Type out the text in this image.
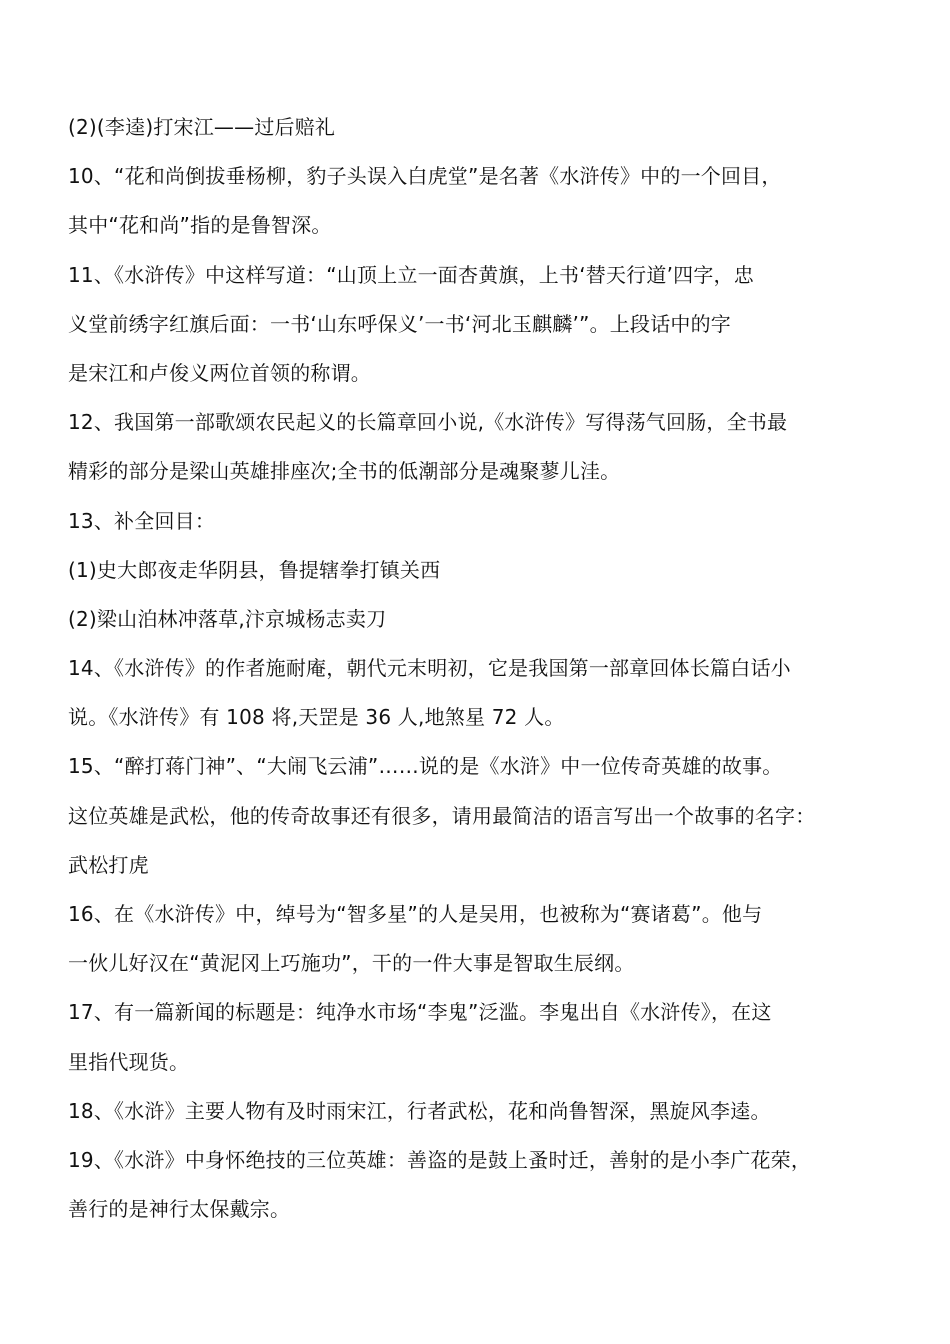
(2)(李逵)打宋江——过后赔礼
10、“花和尚倒拔垂杨柳，豹子头误入白虎堂”是名著《水浒传》中的一个回目，
其中“花和尚”指的是鲁智深。
11、《水浒传》中这样写道：“山顶上立一面杏黄旗，上书‘替天行道’四字，忠
义堂前绣字红旗后面：一书‘山东呼保义’一书‘河北玉麒麟’”。上段话中的字
是宋江和卢俊义两位首领的称谓。
12、我国第一部歌颂农民起义的长篇章回小说,《水浒传》写得荡气回肠，全书最
精彩的部分是梁山英雄排座次;全书的低潮部分是魂聚蓼儿洼。
13、补全回目：
(1)史大郎夜走华阴县，鲁提辖拳打镇关西
(2)梁山泊林冲落草,汴京城杨志卖刀
14、《水浒传》的作者施耐庵，朝代元末明初，它是我国第一部章回体长篇白话小
说。《水浒传》有 108 将,天罡是 36 人,地煞星 72 人。
15、“醉打蒋门神”、“大闹飞云浦”……说的是《水浒》中一位传奇英雄的故事。
这位英雄是武松，他的传奇故事还有很多，请用最简洁的语言写出一个故事的名字：
武松打虎
16、在《水浒传》中，绰号为“智多星”的人是吴用，也被称为“赛诸葛”。他与
一伙儿好汉在“黄泥冈上巧施功”，干的一件大事是智取生辰纲。
17、有一篇新闻的标题是：纯净水市场“李鬼”泛滥。李鬼出自《水浒传》，在这
里指代现货。
18、《水浒》主要人物有及时雨宋江，行者武松，花和尚鲁智深，黑旋风李逵。
19、《水浒》中身怀绝技的三位英雄：善盗的是鼓上蚤时迁，善射的是小李广花荣，
善行的是神行太保戴宗。
